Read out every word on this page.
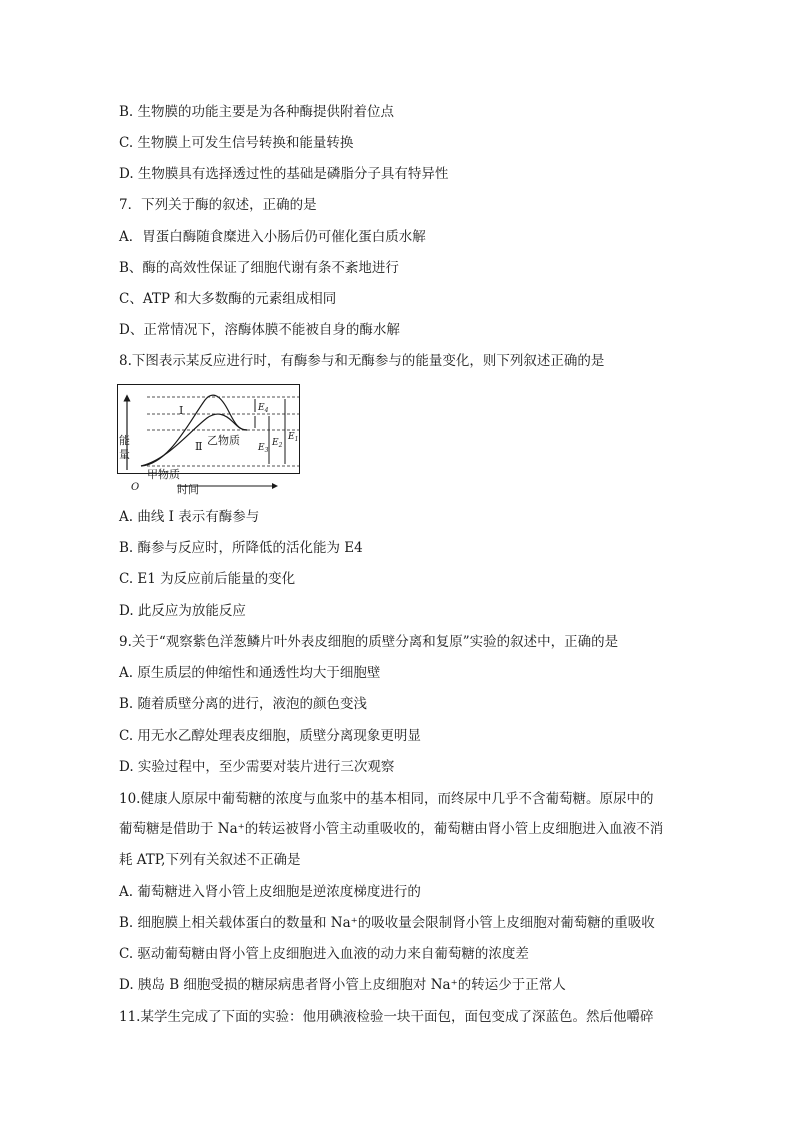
B. 生物膜的功能主要是为各种酶提供附着位点
C. 生物膜上可发生信号转换和能量转换
D. 生物膜具有选择透过性的基础是磷脂分子具有特异性
7．下列关于酶的叙述，正确的是
A．胃蛋白酶随食糜进入小肠后仍可催化蛋白质水解
B、酶的高效性保证了细胞代谢有条不紊地进行
C、ATP 和大多数酶的元素组成相同
D、正常情况下，溶酶体膜不能被自身的酶水解
8.下图表示某反应进行时，有酶参与和无酶参与的能量变化，则下列叙述正确的是
A. 曲线 I 表示有酶参与
B. 酶参与反应时，所降低的活化能为 E4
C. E1 为反应前后能量的变化
D. 此反应为放能反应
9.关于“观察紫色洋葱鳞片叶外表皮细胞的质壁分离和复原”实验的叙述中，正确的是
A. 原生质层的伸缩性和通透性均大于细胞壁
B. 随着质壁分离的进行，液泡的颜色变浅
C. 用无水乙醇处理表皮细胞，质壁分离现象更明显
D. 实验过程中，至少需要对装片进行三次观察
10.健康人原尿中葡萄糖的浓度与血浆中的基本相同，而终尿中几乎不含葡萄糖。原尿中的
葡萄糖是借助于 Na⁺的转运被肾小管主动重吸收的，葡萄糖由肾小管上皮细胞进入血液不消
耗 ATP,下列有关叙述不正确是
A. 葡萄糖进入肾小管上皮细胞是逆浓度梯度进行的
B. 细胞膜上相关载体蛋白的数量和 Na⁺的吸收量会限制肾小管上皮细胞对葡萄糖的重吸收
C. 驱动葡萄糖由肾小管上皮细胞进入血液的动力来自葡萄糖的浓度差
D. 胰岛 B 细胞受损的糖尿病患者肾小管上皮细胞对 Na⁺的转运少于正常人
11.某学生完成了下面的实验：他用碘液检验一块干面包，面包变成了深蓝色。然后他嚼碎
能
量
O	时间
Ⅰ
Ⅱ 乙物质
甲物质
$E_4$
$E_3$
$E_2$
$E_1$
